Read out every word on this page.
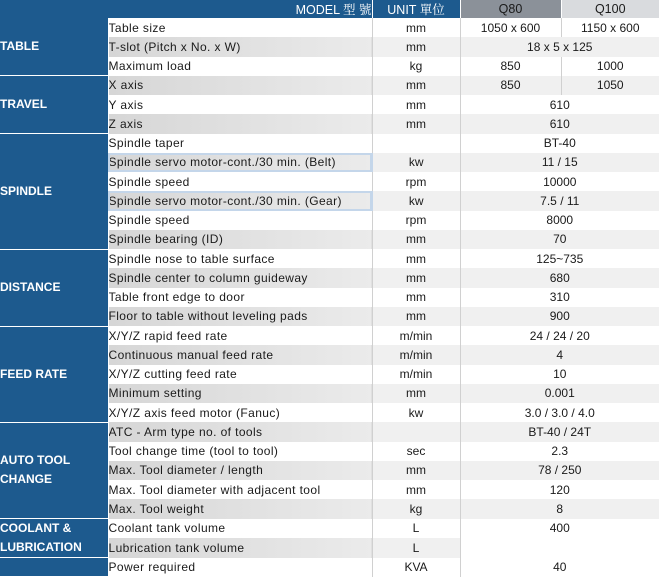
MODEL 型 號		UNIT 單位	Q80	Q100
TABLE	Table size	mm	1050 x 600	1150 x 600
	T-slot (Pitch x No. x W)	mm	18 x 5 x 125	
	Maximum load	kg	850	1000
TRAVEL	X axis	mm	850	1050
	Y axis	mm	610	
	Z axis	mm	610	
SPINDLE	Spindle taper		BT-40	
	Spindle servo motor-cont./30 min. (Belt)	kw	11 / 15	
	Spindle speed	rpm	10000	
	Spindle servo motor-cont./30 min. (Gear)	kw	7.5 / 11	
	Spindle speed	rpm	8000	
	Spindle bearing (ID)	mm	70	
DISTANCE	Spindle nose to table surface	mm	125~735	
	Spindle center to column guideway	mm	680	
	Table front edge to door	mm	310	
	Floor to table without leveling pads	mm	900	
FEED RATE	X/Y/Z rapid feed rate	m/min	24 / 24 / 20	
	Continuous manual feed rate	m/min	4	
	X/Y/Z cutting feed rate	m/min	10	
	Minimum setting	mm	0.001	
	X/Y/Z axis feed motor (Fanuc)	kw	3.0 / 3.0 / 4.0	
AUTO TOOL
CHANGE	ATC - Arm type no. of tools		BT-40 / 24T	
	Tool change time (tool to tool)	sec	2.3	
	Max. Tool diameter / length	mm	78 / 250	
	Max. Tool diameter with adjacent tool	mm	120	
	Max. Tool weight	kg	8	
COOLANT &
LUBRICATION	Coolant tank volume	L	400	
	Lubrication tank volume	L		
	Power required	KVA	40	
